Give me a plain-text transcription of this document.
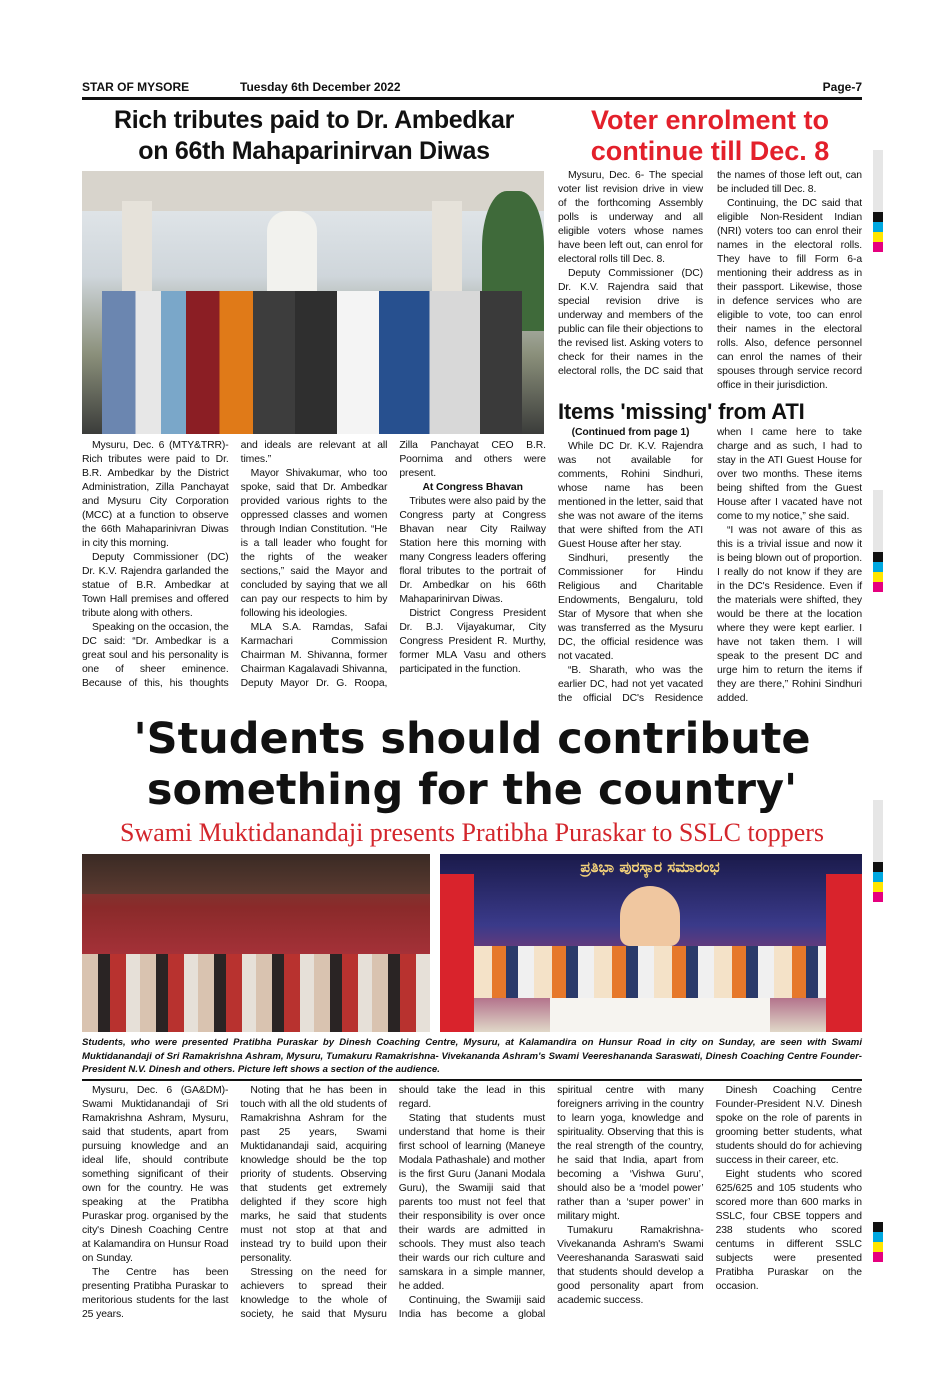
STAR OF MYSORE	Tuesday 6th December 2022	Page-7
Rich tributes paid to Dr. Ambedkar
on 66th Mahaparinirvan Diwas

Mysuru, Dec. 6 (MTY&TRR)- Rich tributes were paid to Dr. B.R. Ambedkar by the District Administration, Zilla Panchayat and Mysuru City Corporation (MCC) at a function to observe the 66th Mahaparinivran Diwas in city this morning.

Deputy Commissioner (DC) Dr. K.V. Rajendra garlanded the statue of B.R. Ambedkar at Town Hall premises and offered tribute along with others.

Speaking on the occasion, the DC said: “Dr. Ambedkar is a great soul and his personality is one of sheer eminence. Because of this, his thoughts and ideals are relevant at all times.”

Mayor Shivakumar, who too spoke, said that Dr. Ambedkar provided various rights to the oppressed classes and women through Indian Constitution. “He is a tall leader who fought for the rights of the weaker sections,” said the Mayor and concluded by saying that we all can pay our respects to him by following his ideologies.

MLA S.A. Ramdas, Safai Karmachari Commission Chairman M. Shivanna, former Chairman Kagalavadi Shivanna, Deputy Mayor Dr. G. Roopa, Zilla Panchayat CEO B.R. Poornima and others were present.

At Congress Bhavan

Tributes were also paid by the Congress party at Congress Bhavan near City Railway Station here this morning with many Congress leaders offering floral tributes to the portrait of Dr. Ambedkar on his 66th Mahaparinirvan Diwas.

District Congress President Dr. B.J. Vijayakumar, City Congress President R. Murthy, former MLA Vasu and others participated in the function.

Voter enrolment to
continue till Dec. 8

Mysuru, Dec. 6- The special voter list revision drive in view of the forthcoming Assembly polls is underway and all eligible voters whose names have been left out, can enrol for electoral rolls till Dec. 8.

Deputy Commissioner (DC) Dr. K.V. Rajendra said that special revision drive is underway and members of the public can file their objections to the revised list. Asking voters to check for their names in the electoral rolls, the DC said that the names of those left out, can be included till Dec. 8.

Continuing, the DC said that eligible Non-Resident Indian (NRI) voters too can enrol their names in the electoral rolls. They have to fill Form 6-a mentioning their address as in their passport. Likewise, those in defence services who are eligible to vote, too can enrol their names in the electoral rolls. Also, defence personnel can enrol the names of their spouses through service record office in their jurisdiction.

Items 'missing' from ATI

(Continued from page 1)

While DC Dr. K.V. Rajendra was not available for comments, Rohini Sindhuri, whose name has been mentioned in the letter, said that she was not aware of the items that were shifted from the ATI Guest House after her stay.

Sindhuri, presently the Commissioner for Hindu Religious and Charitable Endowments, Bengaluru, told Star of Mysore that when she was transferred as the Mysuru DC, the official residence was not vacated.

“B. Sharath, who was the earlier DC, had not yet vacated the official DC's Residence when I came here to take charge and as such, I had to stay in the ATI Guest House for over two months. These items being shifted from the Guest House after I vacated have not come to my notice,” she said.

“I was not aware of this as this is a trivial issue and now it is being blown out of proportion. I really do not know if they are in the DC's Residence. Even if the materials were shifted, they would be there at the location where they were kept earlier. I have not taken them. I will speak to the present DC and urge him to return the items if they are there,” Rohini Sindhuri added.

'Students should contribute
something for the country'
Swami Muktidanandaji presents Pratibha Puraskar to SSLC toppers
ಪ್ರತಿಭಾ ಪುರಸ್ಕಾರ ಸಮಾರಂಭ
Students, who were presented Pratibha Puraskar by Dinesh Coaching Centre, Mysuru, at Kalamandira on Hunsur Road in city on Sunday, are seen with Swami Muktidanandaji of Sri Ramakrishna Ashram, Mysuru, Tumakuru Ramakrishna- Vivekananda Ashram's Swami Veereshananda Saraswati, Dinesh Coaching Centre Founder-President N.V. Dinesh and others. Picture left shows a section of the audience.

Mysuru, Dec. 6 (GA&DM)- Swami Muktidanandaji of Sri Ramakrishna Ashram, Mysuru, said that students, apart from pursuing knowledge and an ideal life, should contribute something significant of their own for the country. He was speaking at the Pratibha Puraskar prog. organised by the city's Dinesh Coaching Centre at Kalamandira on Hunsur Road on Sunday.

The Centre has been presenting Pratibha Puraskar to meritorious students for the last 25 years.

Noting that he has been in touch with all the old students of Ramakrishna Ashram for the past 25 years, Swami Muktidanandaji said, acquiring knowledge should be the top priority of students. Observing that students get extremely delighted if they score high marks, he said that students must not stop at that and instead try to build upon their personality.

Stressing on the need for achievers to spread their knowledge to the whole of society, he said that Mysuru should take the lead in this regard.

Stating that students must understand that home is their first school of learning (Maneye Modala Pathashale) and mother is the first Guru (Janani Modala Guru), the Swamiji said that parents too must not feel that their responsibility is over once their wards are admitted in schools. They must also teach their wards our rich culture and samskara in a simple manner, he added.

Continuing, the Swamiji said India has become a global spiritual centre with many foreigners arriving in the country to learn yoga, knowledge and spirituality. Observing that this is the real strength of the country, he said that India, apart from becoming a ‘Vishwa Guru’, should also be a ‘model power’ rather than a ‘super power’ in military might.

Tumakuru Ramakrishna-Vivekananda Ashram's Swami Veereshananda Saraswati said that students should develop a good personality apart from academic success.

Dinesh Coaching Centre Founder-President N.V. Dinesh spoke on the role of parents in grooming better students, what students should do for achieving success in their career, etc.

Eight students who scored 625/625 and 105 students who scored more than 600 marks in SSLC, four CBSE toppers and 238 students who scored centums in different SSLC subjects were presented Pratibha Puraskar on the occasion.
